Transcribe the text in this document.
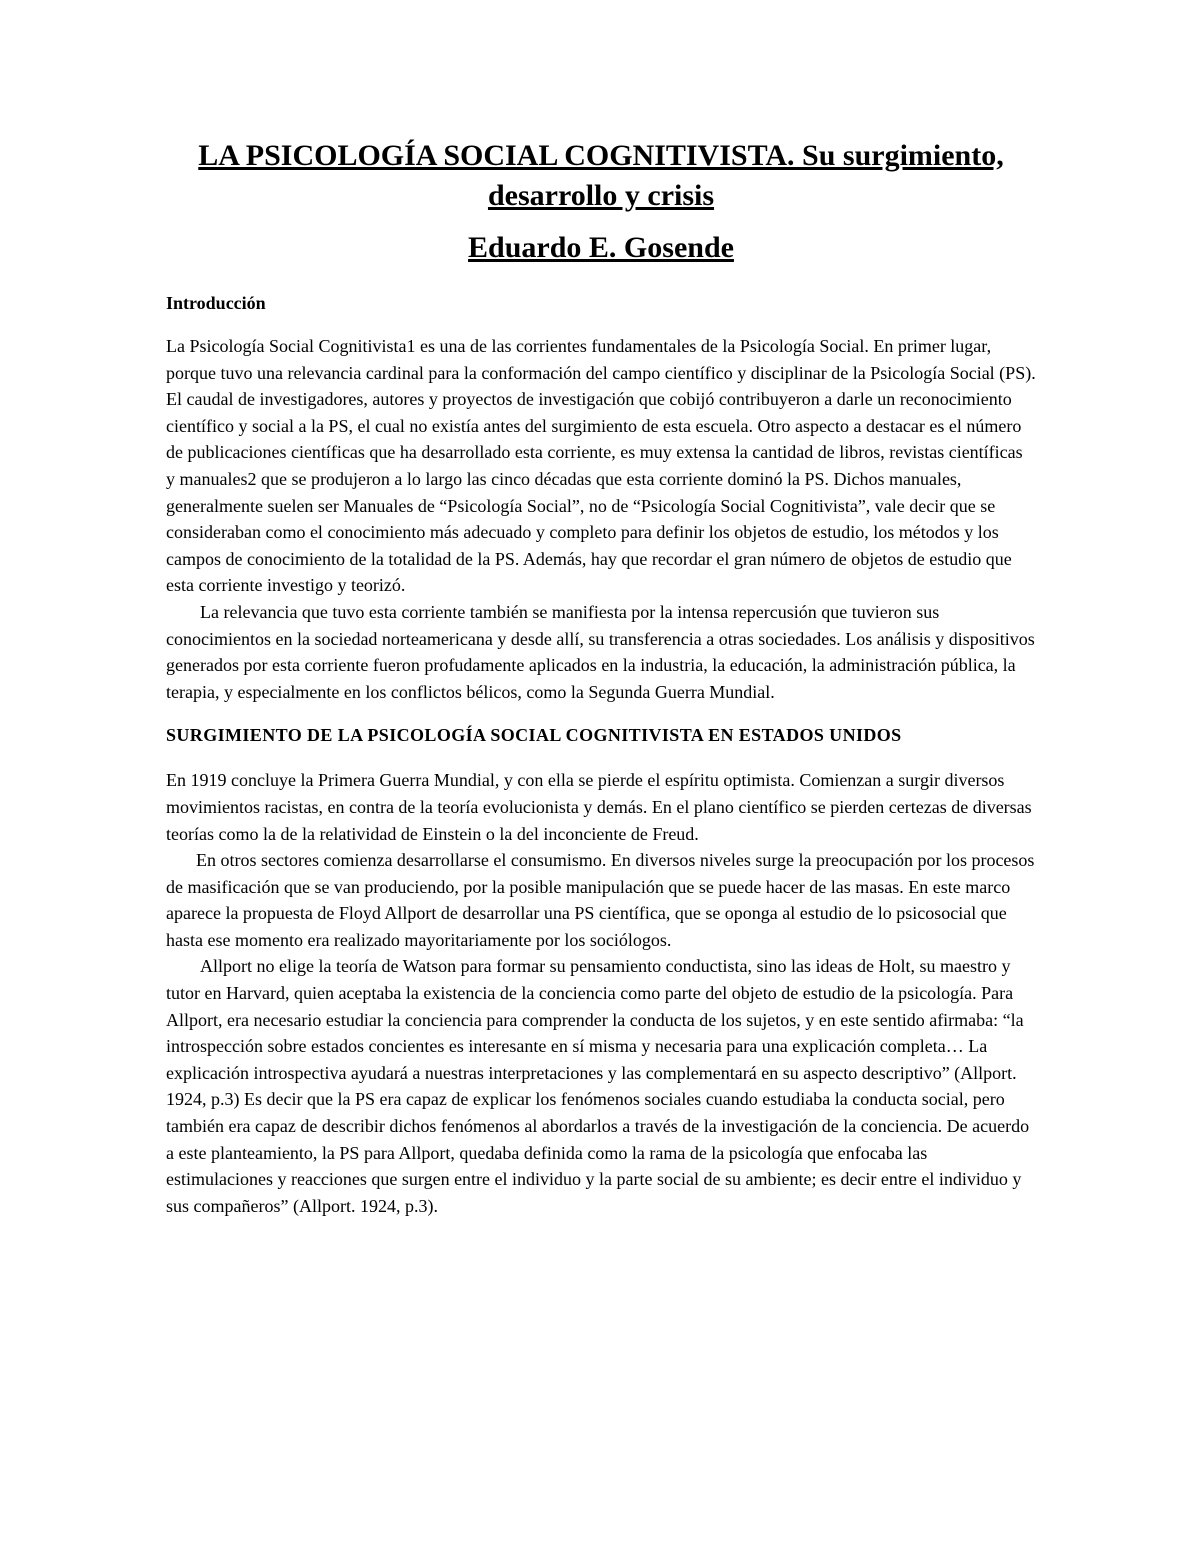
LA PSICOLOGÍA SOCIAL COGNITIVISTA. Su surgimiento, desarrollo y crisis
Eduardo E. Gosende
Introducción

La Psicología Social Cognitivista1 es una de las corrientes fundamentales de la Psicología Social. En primer lugar, porque tuvo una relevancia cardinal para la conformación del campo científico y disciplinar de la Psicología Social (PS). El caudal de investigadores, autores y proyectos de investigación que cobijó contribuyeron a darle un reconocimiento científico y social a la PS, el cual no existía antes del surgimiento de esta escuela. Otro aspecto a destacar es el número de publicaciones científicas que ha desarrollado esta corriente, es muy extensa la cantidad de libros, revistas científicas y manuales2 que se produjeron a lo largo las cinco décadas que esta corriente dominó la PS. Dichos manuales, generalmente suelen ser Manuales de “Psicología Social”, no de “Psicología Social Cognitivista”, vale decir que se consideraban como el conocimiento más adecuado y completo para definir los objetos de estudio, los métodos y los campos de conocimiento de la totalidad de la PS. Además, hay que recordar el gran número de objetos de estudio que esta corriente investigo y teorizó.

La relevancia que tuvo esta corriente también se manifiesta por la intensa repercusión que tuvieron sus conocimientos en la sociedad norteamericana y desde allí, su transferencia a otras sociedades. Los análisis y dispositivos generados por esta corriente fueron profudamente aplicados en la industria, la educación, la administración pública, la terapia, y especialmente en los conflictos bélicos, como la Segunda Guerra Mundial.

SURGIMIENTO DE LA PSICOLOGÍA SOCIAL COGNITIVISTA EN ESTADOS UNIDOS

En 1919 concluye la Primera Guerra Mundial, y con ella se pierde el espíritu optimista. Comienzan a surgir diversos movimientos racistas, en contra de la teoría evolucionista y demás. En el plano científico se pierden certezas de diversas teorías como la de la relatividad de Einstein o la del inconciente de Freud.

En otros sectores comienza desarrollarse el consumismo. En diversos niveles surge la preocupación por los procesos de masificación que se van produciendo, por la posible manipulación que se puede hacer de las masas. En este marco aparece la propuesta de Floyd Allport de desarrollar una PS científica, que se oponga al estudio de lo psicosocial que hasta ese momento era realizado mayoritariamente por los sociólogos.

Allport no elige la teoría de Watson para formar su pensamiento conductista, sino las ideas de Holt, su maestro y tutor en Harvard, quien aceptaba la existencia de la conciencia como parte del objeto de estudio de la psicología. Para Allport, era necesario estudiar la conciencia para comprender la conducta de los sujetos, y en este sentido afirmaba: “la introspección sobre estados concientes es interesante en sí misma y necesaria para una explicación completa… La explicación introspectiva ayudará a nuestras interpretaciones y las complementará en su aspecto descriptivo” (Allport. 1924, p.3) Es decir que la PS era capaz de explicar los fenómenos sociales cuando estudiaba la conducta social, pero también era capaz de describir dichos fenómenos al abordarlos a través de la investigación de la conciencia. De acuerdo a este planteamiento, la PS para Allport, quedaba definida como la rama de la psicología que enfocaba las estimulaciones y reacciones que surgen entre el individuo y la parte social de su ambiente; es decir entre el individuo y sus compañeros” (Allport. 1924, p.3).
